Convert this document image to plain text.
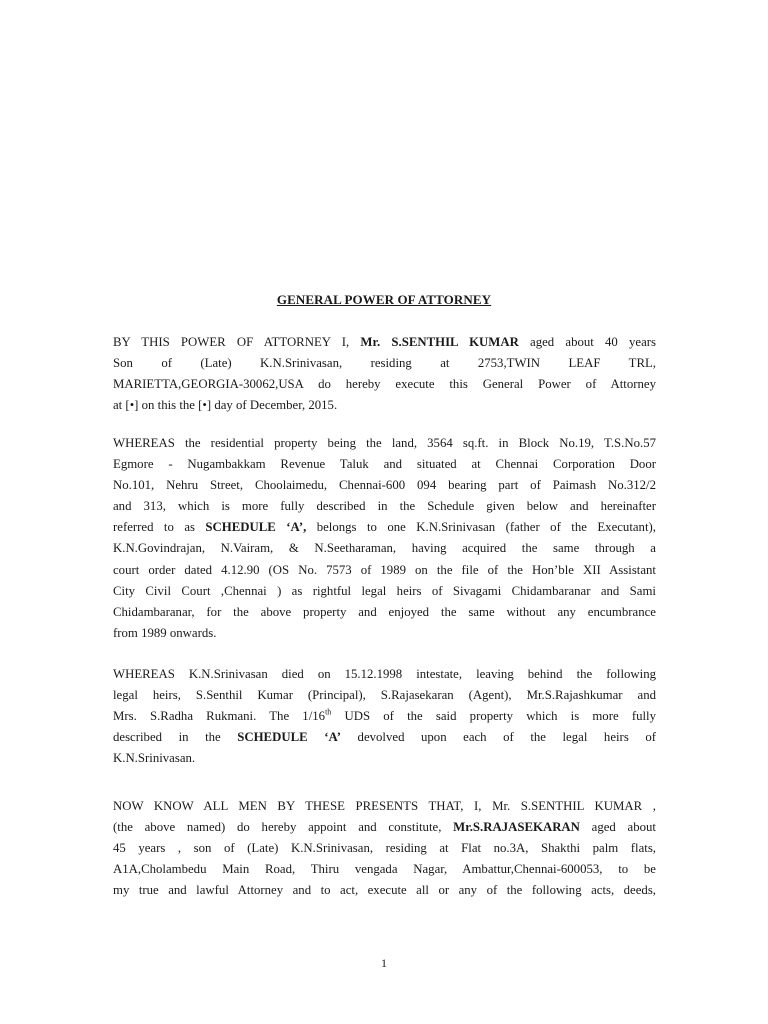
GENERAL POWER OF ATTORNEY
BY THIS POWER OF ATTORNEY I, Mr. S.SENTHIL KUMAR aged about 40 years
Son of (Late) K.N.Srinivasan, residing at 2753,TWIN LEAF TRL,
MARIETTA,GEORGIA-30062,USA do hereby execute this General Power of Attorney
at [•] on this the [•] day of December, 2015.
WHEREAS the residential property being the land, 3564 sq.ft. in Block No.19, T.S.No.57
Egmore - Nugambakkam Revenue Taluk and situated at Chennai Corporation Door
No.101, Nehru Street, Choolaimedu, Chennai-600 094 bearing part of Paimash No.312/2
and 313, which is more fully described in the Schedule given below and hereinafter
referred to as SCHEDULE ‘A’, belongs to one K.N.Srinivasan (father of the Executant),
K.N.Govindrajan, N.Vairam, & N.Seetharaman, having acquired the same through a
court order dated 4.12.90 (OS No. 7573 of 1989 on the file of the Hon’ble XII Assistant
City Civil Court ,Chennai ) as rightful legal heirs of Sivagami Chidambaranar and Sami
Chidambaranar, for the above property and enjoyed the same without any encumbrance
from 1989 onwards.
WHEREAS K.N.Srinivasan died on 15.12.1998 intestate, leaving behind the following
legal heirs, S.Senthil Kumar (Principal), S.Rajasekaran (Agent), Mr.S.Rajashkumar and
Mrs. S.Radha Rukmani. The 1/16th UDS of the said property which is more fully
described in the SCHEDULE ‘A’ devolved upon each of the legal heirs of
K.N.Srinivasan.
NOW KNOW ALL MEN BY THESE PRESENTS THAT, I, Mr. S.SENTHIL KUMAR ,
(the above named) do hereby appoint and constitute, Mr.S.RAJASEKARAN aged about
45 years , son of (Late) K.N.Srinivasan, residing at Flat no.3A, Shakthi palm flats,
A1A,Cholambedu Main Road, Thiru vengada Nagar, Ambattur,Chennai-600053, to be
my true and lawful Attorney and to act, execute all or any of the following acts, deeds,
1
